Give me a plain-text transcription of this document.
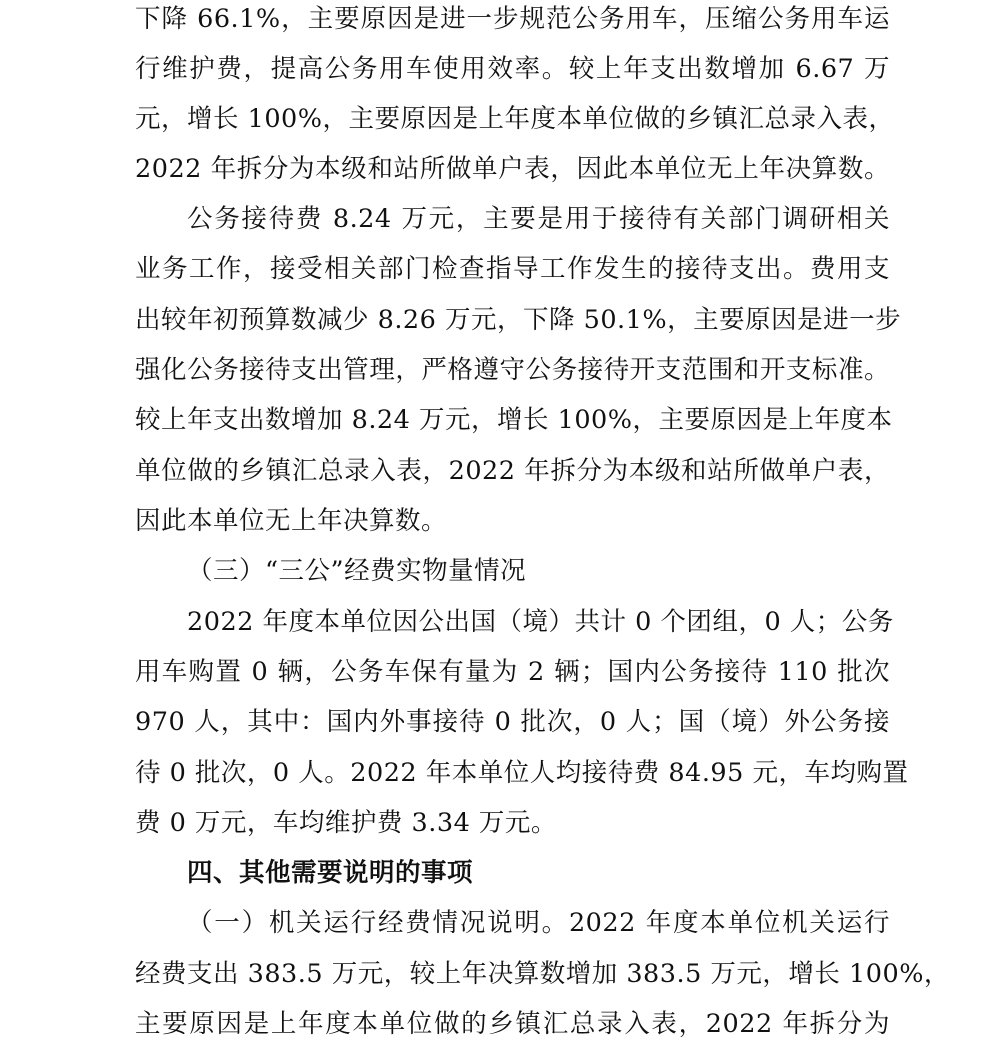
下降 66.1%，主要原因是进一步规范公务用车，压缩公务用车运
行维护费，提高公务用车使用效率。较上年支出数增加 6.67 万
元，增长 100%，主要原因是上年度本单位做的乡镇汇总录入表，
2022 年拆分为本级和站所做单户表，因此本单位无上年决算数。
公务接待费 8.24 万元，主要是用于接待有关部门调研相关
业务工作，接受相关部门检查指导工作发生的接待支出。费用支
出较年初预算数减少 8.26 万元，下降 50.1%，主要原因是进一步
强化公务接待支出管理，严格遵守公务接待开支范围和开支标准。
较上年支出数增加 8.24 万元，增长 100%，主要原因是上年度本
单位做的乡镇汇总录入表，2022 年拆分为本级和站所做单户表，
因此本单位无上年决算数。
（三）“三公”经费实物量情况
2022 年度本单位因公出国（境）共计 0 个团组，0 人；公务
用车购置 0 辆，公务车保有量为 2 辆；国内公务接待 110 批次
970 人，其中：国内外事接待 0 批次，0 人；国（境）外公务接
待 0 批次，0 人。2022 年本单位人均接待费 84.95 元，车均购置
费 0 万元，车均维护费 3.34 万元。
四、其他需要说明的事项
（一）机关运行经费情况说明。2022 年度本单位机关运行
经费支出 383.5 万元，较上年决算数增加 383.5 万元，增长 100%，
主要原因是上年度本单位做的乡镇汇总录入表，2022 年拆分为
